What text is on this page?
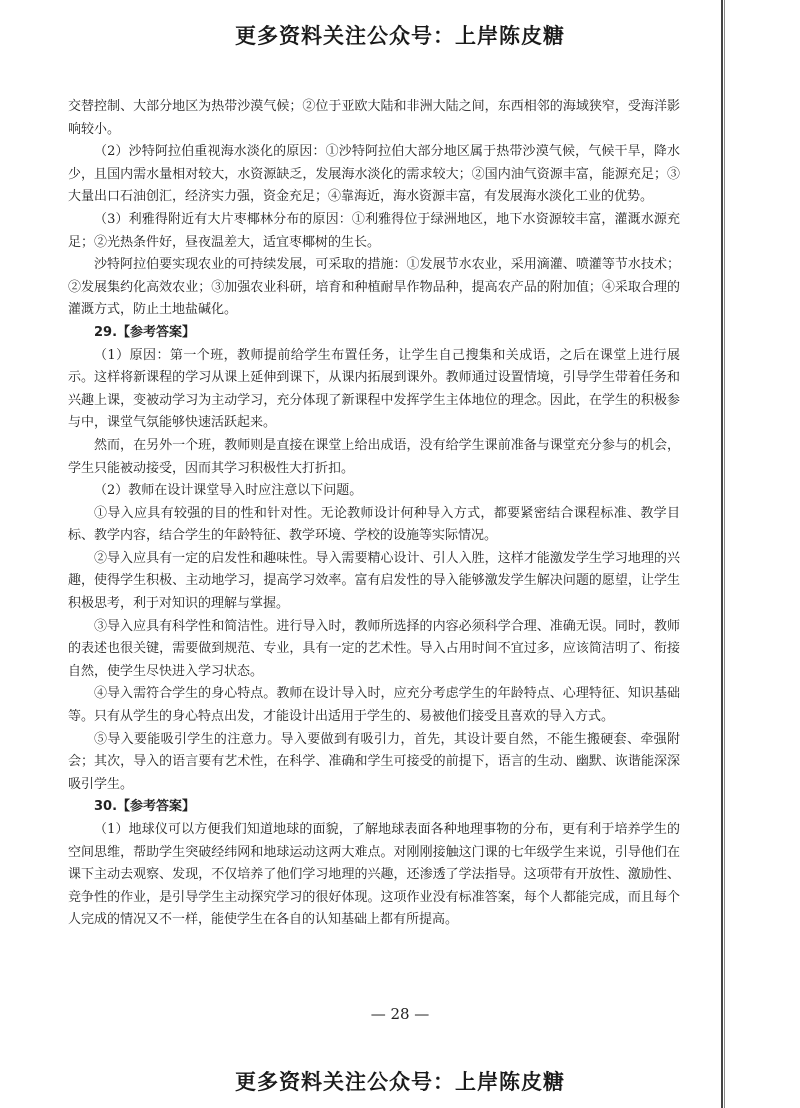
更多资料关注公众号：上岸陈皮糖

交替控制、大部分地区为热带沙漠气候；②位于亚欧大陆和非洲大陆之间，东西相邻的海域狭窄，受海洋影响较小。

（2）沙特阿拉伯重视海水淡化的原因：①沙特阿拉伯大部分地区属于热带沙漠气候，气候干旱，降水少，且国内需水量相对较大，水资源缺乏，发展海水淡化的需求较大；②国内油气资源丰富，能源充足；③大量出口石油创汇，经济实力强，资金充足；④靠海近，海水资源丰富，有发展海水淡化工业的优势。

（3）利雅得附近有大片枣椰林分布的原因：①利雅得位于绿洲地区，地下水资源较丰富，灌溉水源充足；②光热条件好，昼夜温差大，适宜枣椰树的生长。

沙特阿拉伯要实现农业的可持续发展，可采取的措施：①发展节水农业，采用滴灌、喷灌等节水技术；②发展集约化高效农业；③加强农业科研，培育和种植耐旱作物品种，提高农产品的附加值；④采取合理的灌溉方式，防止土地盐碱化。

29.【参考答案】

（1）原因：第一个班，教师提前给学生布置任务，让学生自己搜集和关成语，之后在课堂上进行展示。这样将新课程的学习从课上延伸到课下，从课内拓展到课外。教师通过设置情境，引导学生带着任务和兴趣上课，变被动学习为主动学习，充分体现了新课程中发挥学生主体地位的理念。因此，在学生的积极参与中，课堂气氛能够快速活跃起来。

然而，在另外一个班，教师则是直接在课堂上给出成语，没有给学生课前准备与课堂充分参与的机会，学生只能被动接受，因而其学习积极性大打折扣。

（2）教师在设计课堂导入时应注意以下问题。

①导入应具有较强的目的性和针对性。无论教师设计何种导入方式，都要紧密结合课程标准、教学目标、教学内容，结合学生的年龄特征、教学环境、学校的设施等实际情况。

②导入应具有一定的启发性和趣味性。导入需要精心设计、引人入胜，这样才能激发学生学习地理的兴趣，使得学生积极、主动地学习，提高学习效率。富有启发性的导入能够激发学生解决问题的愿望，让学生积极思考，利于对知识的理解与掌握。

③导入应具有科学性和简洁性。进行导入时，教师所选择的内容必须科学合理、准确无误。同时，教师的表述也很关键，需要做到规范、专业，具有一定的艺术性。导入占用时间不宜过多，应该简洁明了、衔接自然，使学生尽快进入学习状态。

④导入需符合学生的身心特点。教师在设计导入时，应充分考虑学生的年龄特点、心理特征、知识基础等。只有从学生的身心特点出发，才能设计出适用于学生的、易被他们接受且喜欢的导入方式。

⑤导入要能吸引学生的注意力。导入要做到有吸引力，首先，其设计要自然，不能生搬硬套、牵强附会；其次，导入的语言要有艺术性，在科学、准确和学生可接受的前提下，语言的生动、幽默、诙谐能深深吸引学生。

30.【参考答案】

（1）地球仪可以方便我们知道地球的面貌，了解地球表面各种地理事物的分布，更有利于培养学生的空间思维，帮助学生突破经纬网和地球运动这两大难点。对刚刚接触这门课的七年级学生来说，引导他们在课下主动去观察、发现，不仅培养了他们学习地理的兴趣，还渗透了学法指导。这项带有开放性、激励性、竞争性的作业，是引导学生主动探究学习的很好体现。这项作业没有标准答案，每个人都能完成，而且每个人完成的情况又不一样，能使学生在各自的认知基础上都有所提高。

— 28 —
更多资料关注公众号：上岸陈皮糖
